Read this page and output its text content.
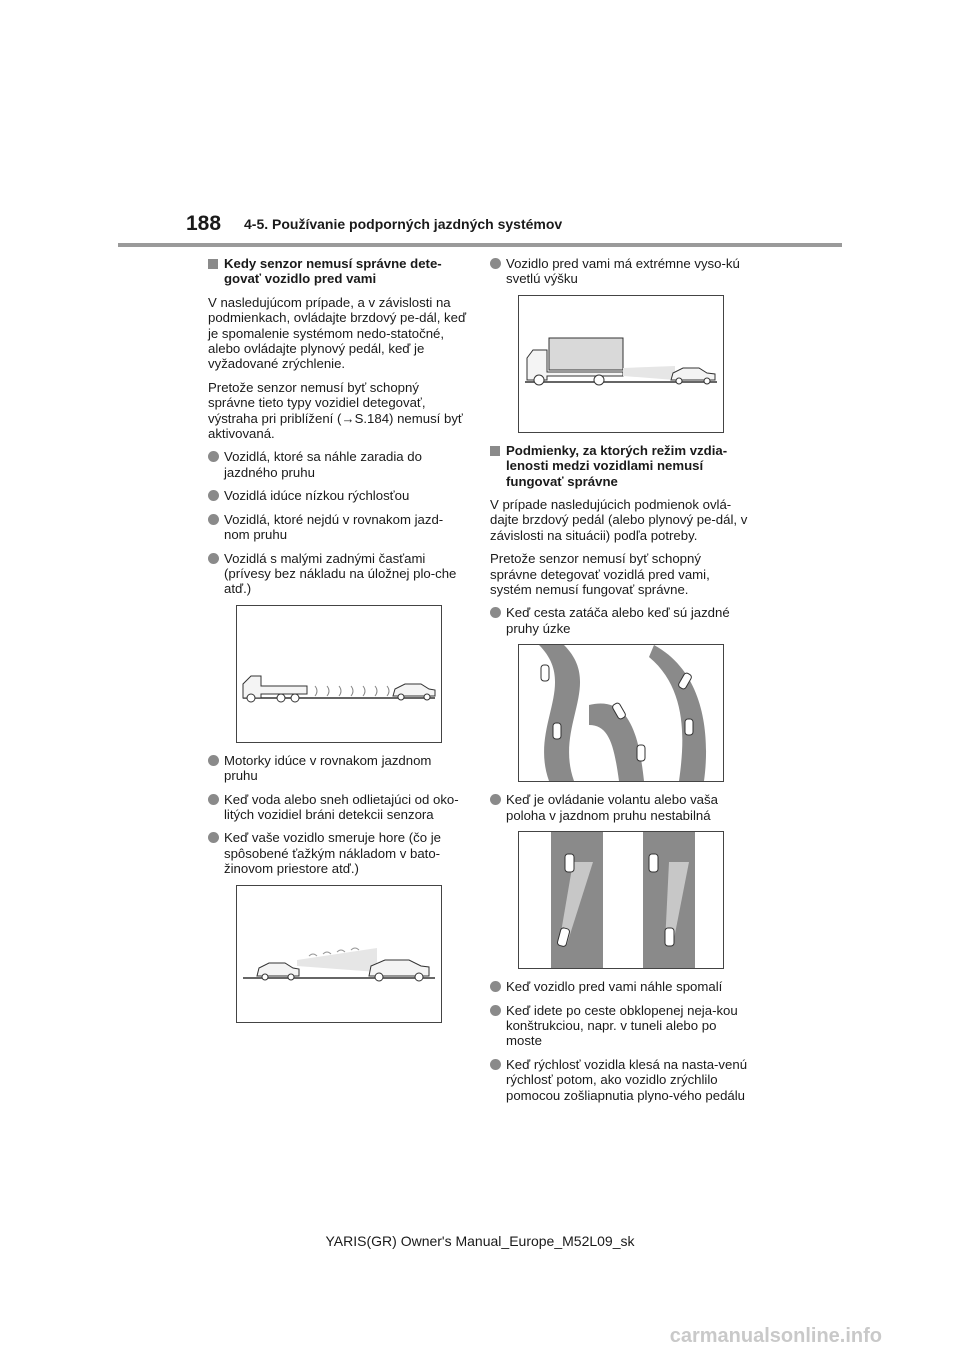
188 4-5. Používanie podporných jazdných systémov
Kedy senzor nemusí správne dete-govať vozidlo pred vami

V nasledujúcom prípade, a v závislosti na podmienkach, ovládajte brzdový pe-dál, keď je spomalenie systémom nedo-statočné, alebo ovládajte plynový pedál, keď je vyžadované zrýchlenie.

Pretože senzor nemusí byť schopný správne tieto typy vozidiel detegovať, výstraha pri priblížení (→S.184) nemusí byť aktivovaná.

Vozidlá, ktoré sa náhle zaradia do jazdného pruhu
Vozidlá idúce nízkou rýchlosťou
Vozidlá, ktoré nejdú v rovnakom jazd-nom pruhu
Vozidlá s malými zadnými časťami (prívesy bez nákladu na úložnej plo-che atď.)
Motorky idúce v rovnakom jazdnom pruhu
Keď voda alebo sneh odlietajúci od oko-litých vozidiel bráni detekcii senzora
Keď vaše vozidlo smeruje hore (čo je spôsobené ťažkým nákladom v bato-žinovom priestore atď.)
Vozidlo pred vami má extrémne vyso-kú svetlú výšku
Podmienky, za ktorých režim vzdia-lenosti medzi vozidlami nemusí fungovať správne

V prípade nasledujúcich podmienok ovlá-dajte brzdový pedál (alebo plynový pe-dál, v závislosti na situácii) podľa potreby.

Pretože senzor nemusí byť schopný správne detegovať vozidlá pred vami, systém nemusí fungovať správne.

Keď cesta zatáča alebo keď sú jazdné pruhy úzke
Keď je ovládanie volantu alebo vaša poloha v jazdnom pruhu nestabilná
Keď vozidlo pred vami náhle spomalí
Keď idete po ceste obklopenej neja-kou konštrukciou, napr. v tuneli alebo po moste
Keď rýchlosť vozidla klesá na nasta-venú rýchlosť potom, ako vozidlo zrýchlilo pomocou zošliapnutia plyno-vého pedálu
YARIS(GR) Owner's Manual_Europe_M52L09_sk
carmanualsonline.info
